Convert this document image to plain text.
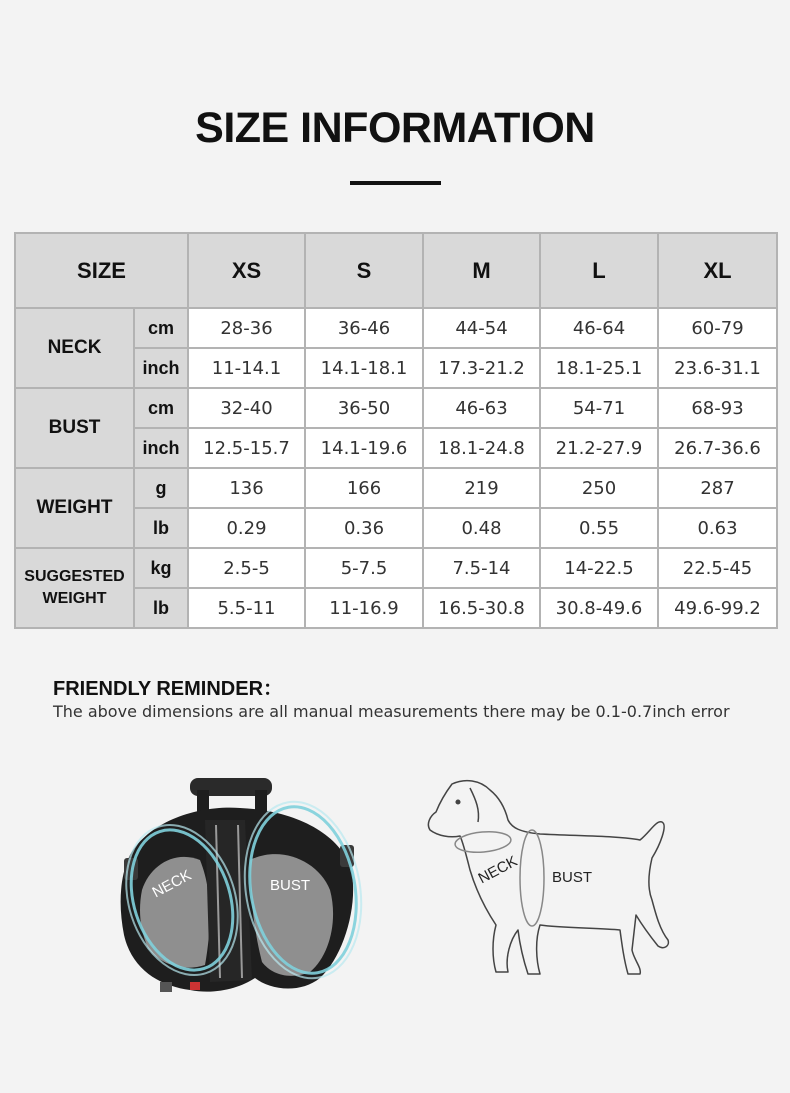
SIZE INFORMATION
SIZE		XS	S	M	L	XL
NECK	cm	28-36	36-46	44-54	46-64	60-79
	inch	11-14.1	14.1-18.1	17.3-21.2	18.1-25.1	23.6-31.1
BUST	cm	32-40	36-50	46-63	54-71	68-93
	inch	12.5-15.7	14.1-19.6	18.1-24.8	21.2-27.9	26.7-36.6
WEIGHT	g	136	166	219	250	287
	lb	0.29	0.36	0.48	0.55	0.63
SUGGESTED
WEIGHT	kg	2.5-5	5-7.5	7.5-14	14-22.5	22.5-45
	lb	5.5-11	11-16.9	16.5-30.8	30.8-49.6	49.6-99.2
FRIENDLY REMINDER：
The above dimensions are all manual measurements there may be 0.1-0.7inch error
NECK	BUST	NECK BUST
